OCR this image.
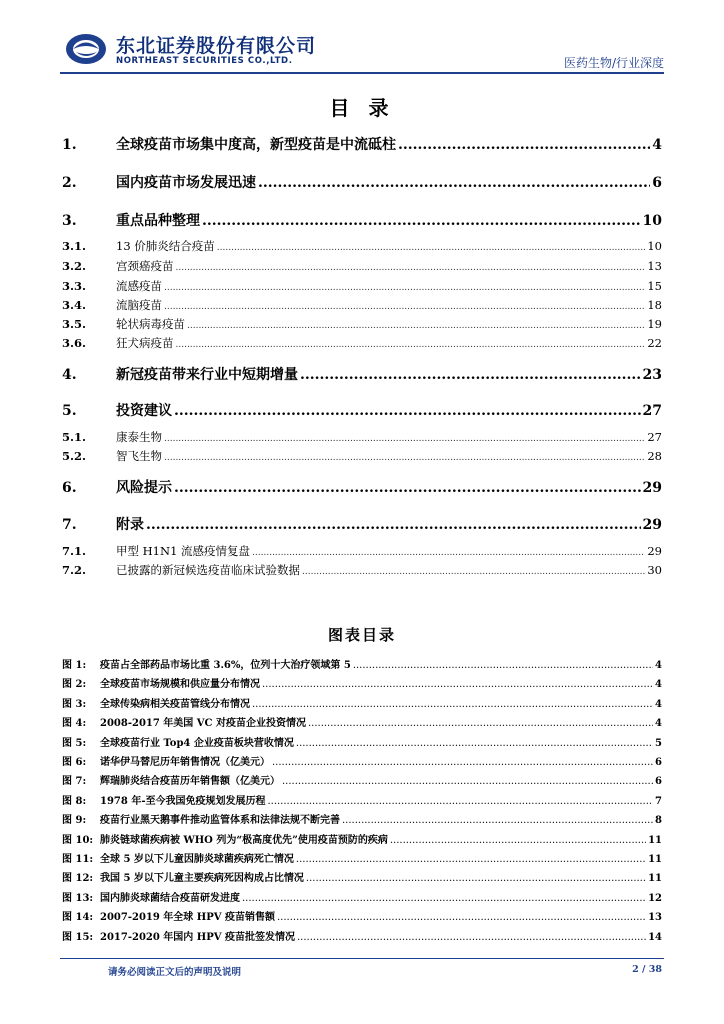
东北证券股份有限公司
NORTHEAST SECURITIES CO.,LTD.	医药生物/行业深度
目 录
1.	全球疫苗市场集中度高，新型疫苗是中流砥柱 .....	4
2.	国内疫苗市场发展迅速 .....	6
3.	重点品种整理 .....	10
3.1.	13 价肺炎结合疫苗 .....	10
3.2.	宫颈癌疫苗 .....	13
3.3.	流感疫苗 .....	15
3.4.	流脑疫苗 .....	18
3.5.	轮状病毒疫苗 .....	19
3.6.	狂犬病疫苗 .....	22
4.	新冠疫苗带来行业中短期增量 .....	23
5.	投资建议 .....	27
5.1.	康泰生物 .....	27
5.2.	智飞生物 .....	28
6.	风险提示 .....	29
7.	附录 .....	29
7.1.	甲型 H1N1 流感疫情复盘 .....	29
7.2.	已披露的新冠候选疫苗临床试验数据 .....	30
图表目录
图 1:	疫苗占全部药品市场比重 3.6%，位列十大治疗领域第 5 .....	4
图 2:	全球疫苗市场规模和供应量分布情况 .....	4
图 3:	全球传染病相关疫苗管线分布情况 .....	4
图 4:	2008-2017 年美国 VC 对疫苗企业投资情况 .....	4
图 5:	全球疫苗行业 Top4 企业疫苗板块营收情况 .....	5
图 6:	诺华伊马替尼历年销售情况（亿美元） .....	6
图 7:	辉瑞肺炎结合疫苗历年销售额（亿美元） .....	6
图 8:	1978 年-至今我国免疫规划发展历程 .....	7
图 9:	疫苗行业黑天鹅事件推动监管体系和法律法规不断完善 .....	8
图 10: 肺炎链球菌疾病被 WHO 列为“极高度优先”使用疫苗预防的疾病 .....	11
图 11: 全球 5 岁以下儿童因肺炎球菌疾病死亡情况 .....	11
图 12: 我国 5 岁以下儿童主要疾病死因构成占比情况 .....	11
图 13: 国内肺炎球菌结合疫苗研发进度 .....	12
图 14: 2007-2019 年全球 HPV 疫苗销售额 .....	13
图 15: 2017-2020 年国内 HPV 疫苗批签发情况 .....	14
请务必阅读正文后的声明及说明	2 / 38
